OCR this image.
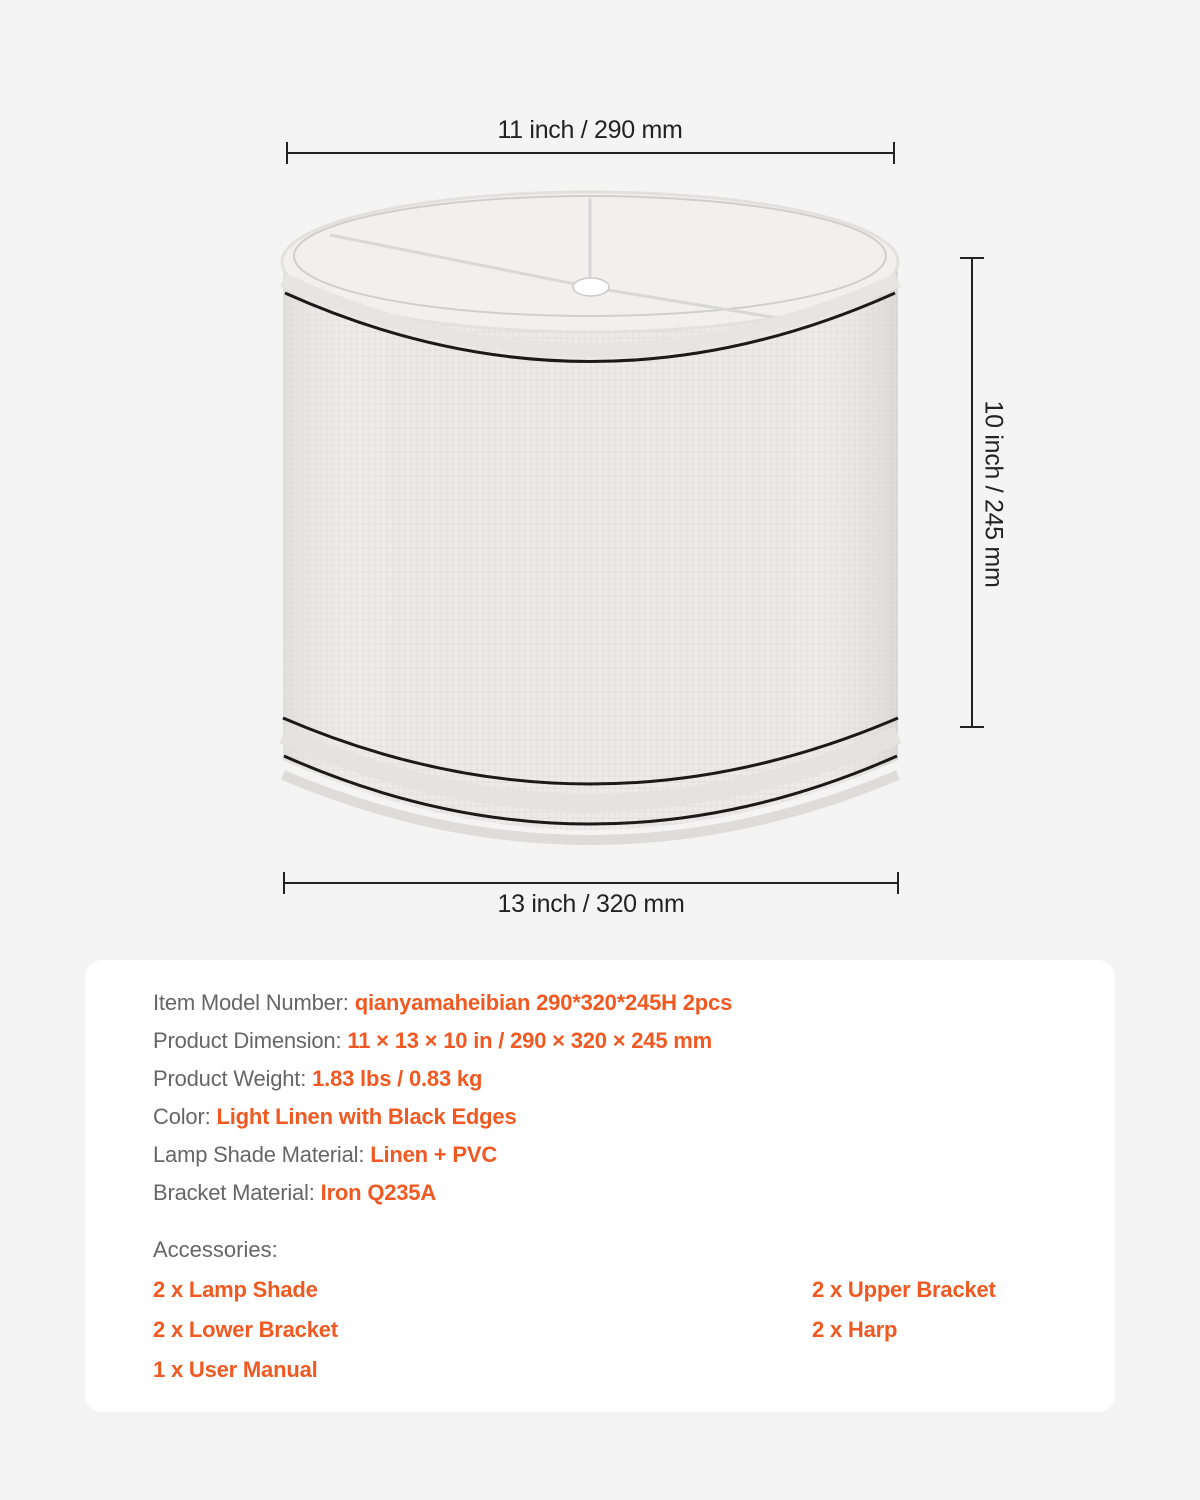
11 inch / 290 mm
10 inch / 245 mm
13 inch / 320 mm
Item Model Number: qianyamaheibian 290*320*245H 2pcs
Product Dimension: 11 × 13 × 10 in / 290 × 320 × 245 mm
Product Weight: 1.83 lbs / 0.83 kg
Color: Light Linen with Black Edges
Lamp Shade Material: Linen + PVC
Bracket Material: Iron Q235A
Accessories:
2 x Lamp Shade	2 x Upper Bracket
2 x Lower Bracket	2 x Harp
1 x User Manual
